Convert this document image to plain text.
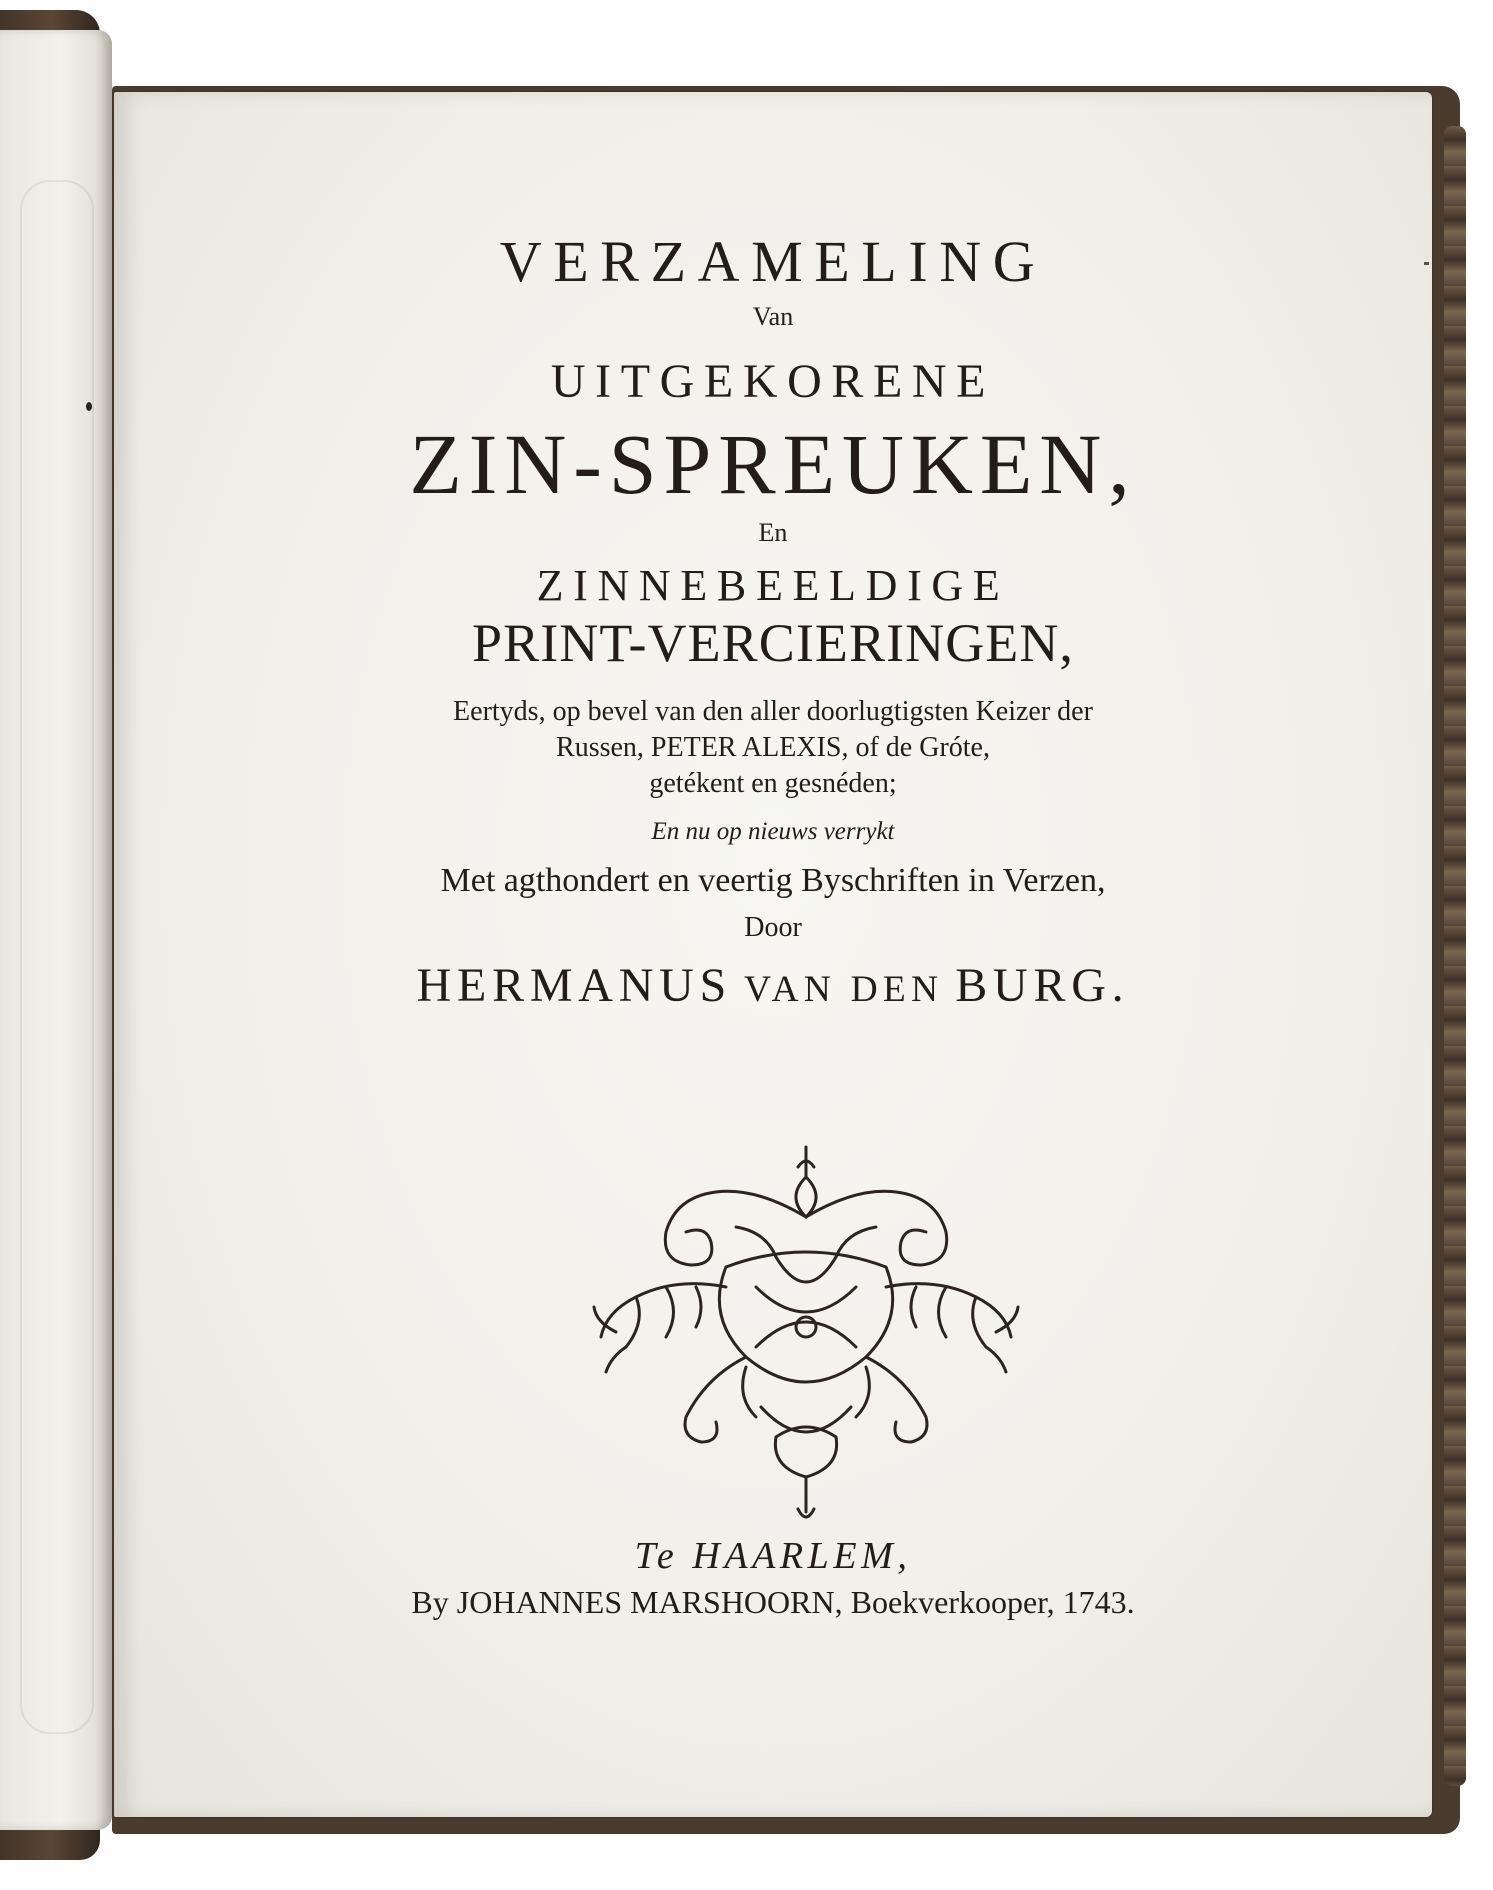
VERZAMELING
Van
UITGEKORENE
ZIN-SPREUKEN,
En
ZINNEBEELDIGE
PRINT-VERCIERINGEN,
Eertyds, op bevel van den aller doorlugtigsten Keizer der
Russen, PETER ALEXIS, of de Gróte,
getékent en gesnéden;
En nu op nieuws verrykt
Met agthondert en veertig Byschriften in Verzen,
Door
HERMANUS VAN DEN BURG.
Te HAARLEM,
By JOHANNES MARSHOORN, Boekverkooper, 1743.
